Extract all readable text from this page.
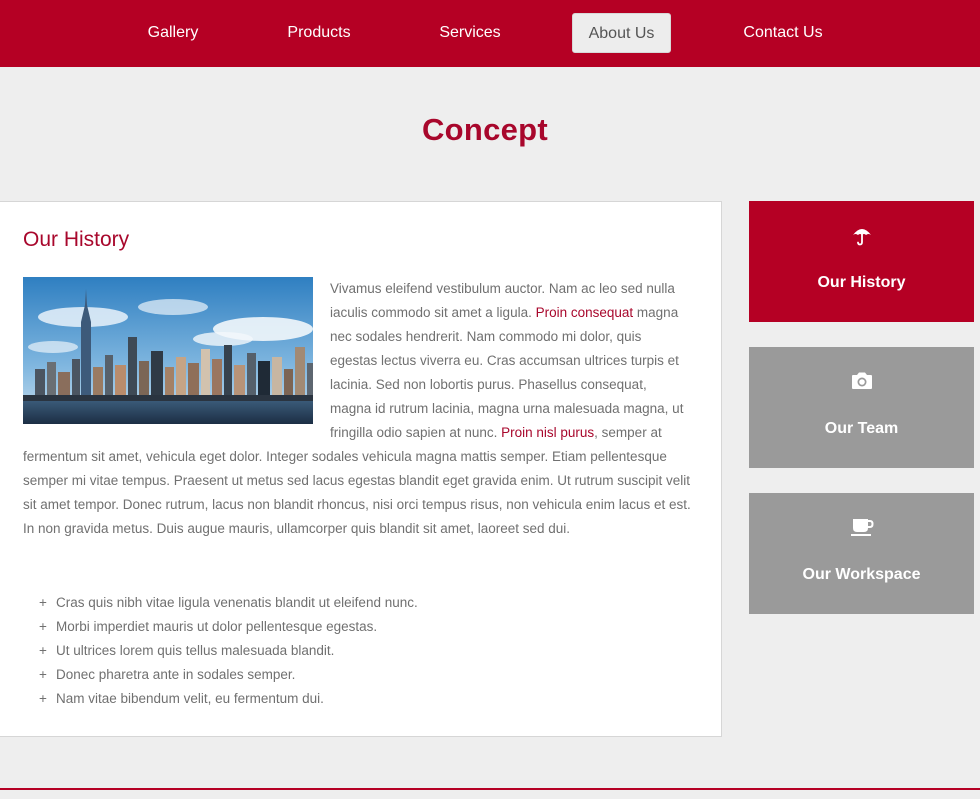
Gallery	Products	Services	About Us	Contact Us
Concept
Our History
Vivamus eleifend vestibulum auctor. Nam ac leo sed nulla iaculis commodo sit amet a ligula. Proin consequat magna nec sodales hendrerit. Nam commodo mi dolor, quis egestas lectus viverra eu. Cras accumsan ultrices turpis et lacinia. Sed non lobortis purus. Phasellus consequat, magna id rutrum lacinia, magna urna malesuada magna, ut fringilla odio sapien at nunc. Proin nisl purus, semper at fermentum sit amet, vehicula eget dolor. Integer sodales vehicula magna mattis semper. Etiam pellentesque semper mi vitae tempus. Praesent ut metus sed lacus egestas blandit eget gravida enim. Ut rutrum suscipit velit sit amet tempor. Donec rutrum, lacus non blandit rhoncus, nisi orci tempus risus, non vehicula enim lacus et est. In non gravida metus. Duis augue mauris, ullamcorper quis blandit sit amet, laoreet sed dui.
+ Cras quis nibh vitae ligula venenatis blandit ut eleifend nunc.
+ Morbi imperdiet mauris ut dolor pellentesque egestas.
+ Ut ultrices lorem quis tellus malesuada blandit.
+ Donec pharetra ante in sodales semper.
+ Nam vitae bibendum velit, eu fermentum dui.
Our History
Our Team
Our Workspace
